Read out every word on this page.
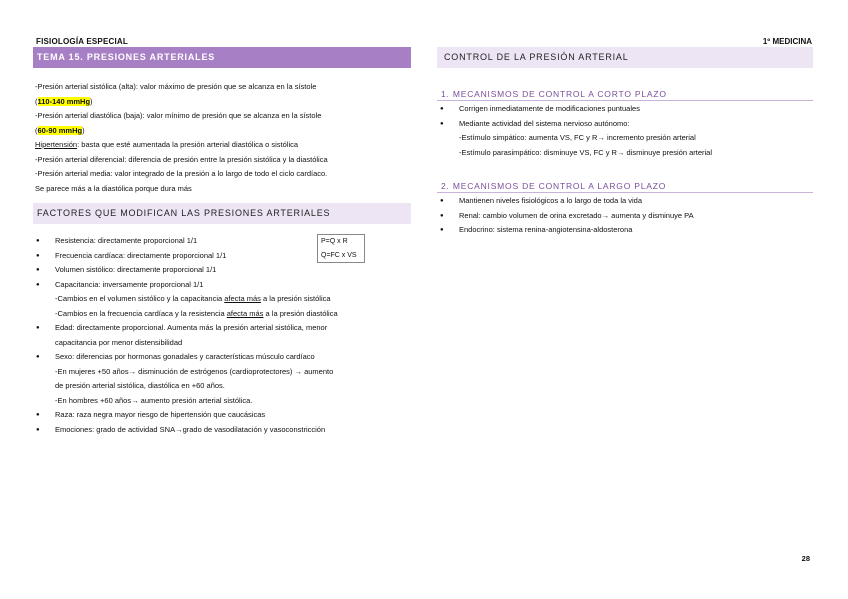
FISIOLOGÍA ESPECIAL	1º MEDICINA
TEMA 15. PRESIONES ARTERIALES
-Presión arterial sistólica (alta): valor máximo de presión que se alcanza en la sístole
(110-140 mmHg)
-Presión arterial diastólica (baja): valor mínimo de presión que se alcanza en la sístole
(60-90 mmHg)
Hipertensión: basta que esté aumentada la presión arterial diastólica o sistólica
-Presión arterial diferencial: diferencia de presión entre la presión sistólica y la diastólica
-Presión arterial media: valor integrado de la presión a lo largo de todo el ciclo cardíaco.
Se parece más a la diastólica porque dura más
FACTORES QUE MODIFICAN LAS PRESIONES ARTERIALES
P=Q x R
Q=FC x VS
● Resistencia: directamente proporcional 1/1
● Frecuencia cardíaca: directamente proporcional 1/1
● Volumen sistólico: directamente proporcional 1/1
● Capacitancia: inversamente proporcional 1/1
-Cambios en el volumen sistólico y la capacitancia afecta más a la presión sistólica
-Cambios en la frecuencia cardíaca y la resistencia afecta más a la presión diastólica
● Edad: directamente proporcional. Aumenta más la presión arterial sistólica, menor
capacitancia por menor distensibilidad
● Sexo: diferencias por hormonas gonadales y características músculo cardíaco
-En mujeres +50 años→ disminución de estrógenos (cardioprotectores) → aumento
de presión arterial sistólica, diastólica en +60 años.
-En hombres +60 años→ aumento presión arterial sistólica.
● Raza: raza negra mayor riesgo de hipertensión que caucásicas
● Emociones: grado de actividad SNA→grado de vasodilatación y vasoconstricción
CONTROL DE LA PRESIÓN ARTERIAL
1. MECANISMOS DE CONTROL A CORTO PLAZO
● Corrigen inmediatamente de modificaciones puntuales
● Mediante actividad del sistema nervioso autónomo:
-Estímulo simpático: aumenta VS, FC y R→ incremento presión arterial
-Estímulo parasimpático: disminuye VS, FC y R→ disminuye presión arterial
2. MECANISMOS DE CONTROL A LARGO PLAZO
● Mantienen niveles fisiológicos a lo largo de toda la vida
● Renal: cambio volumen de orina excretado→ aumenta y disminuye PA
● Endocrino: sistema renina-angiotensina-aldosterona
28
